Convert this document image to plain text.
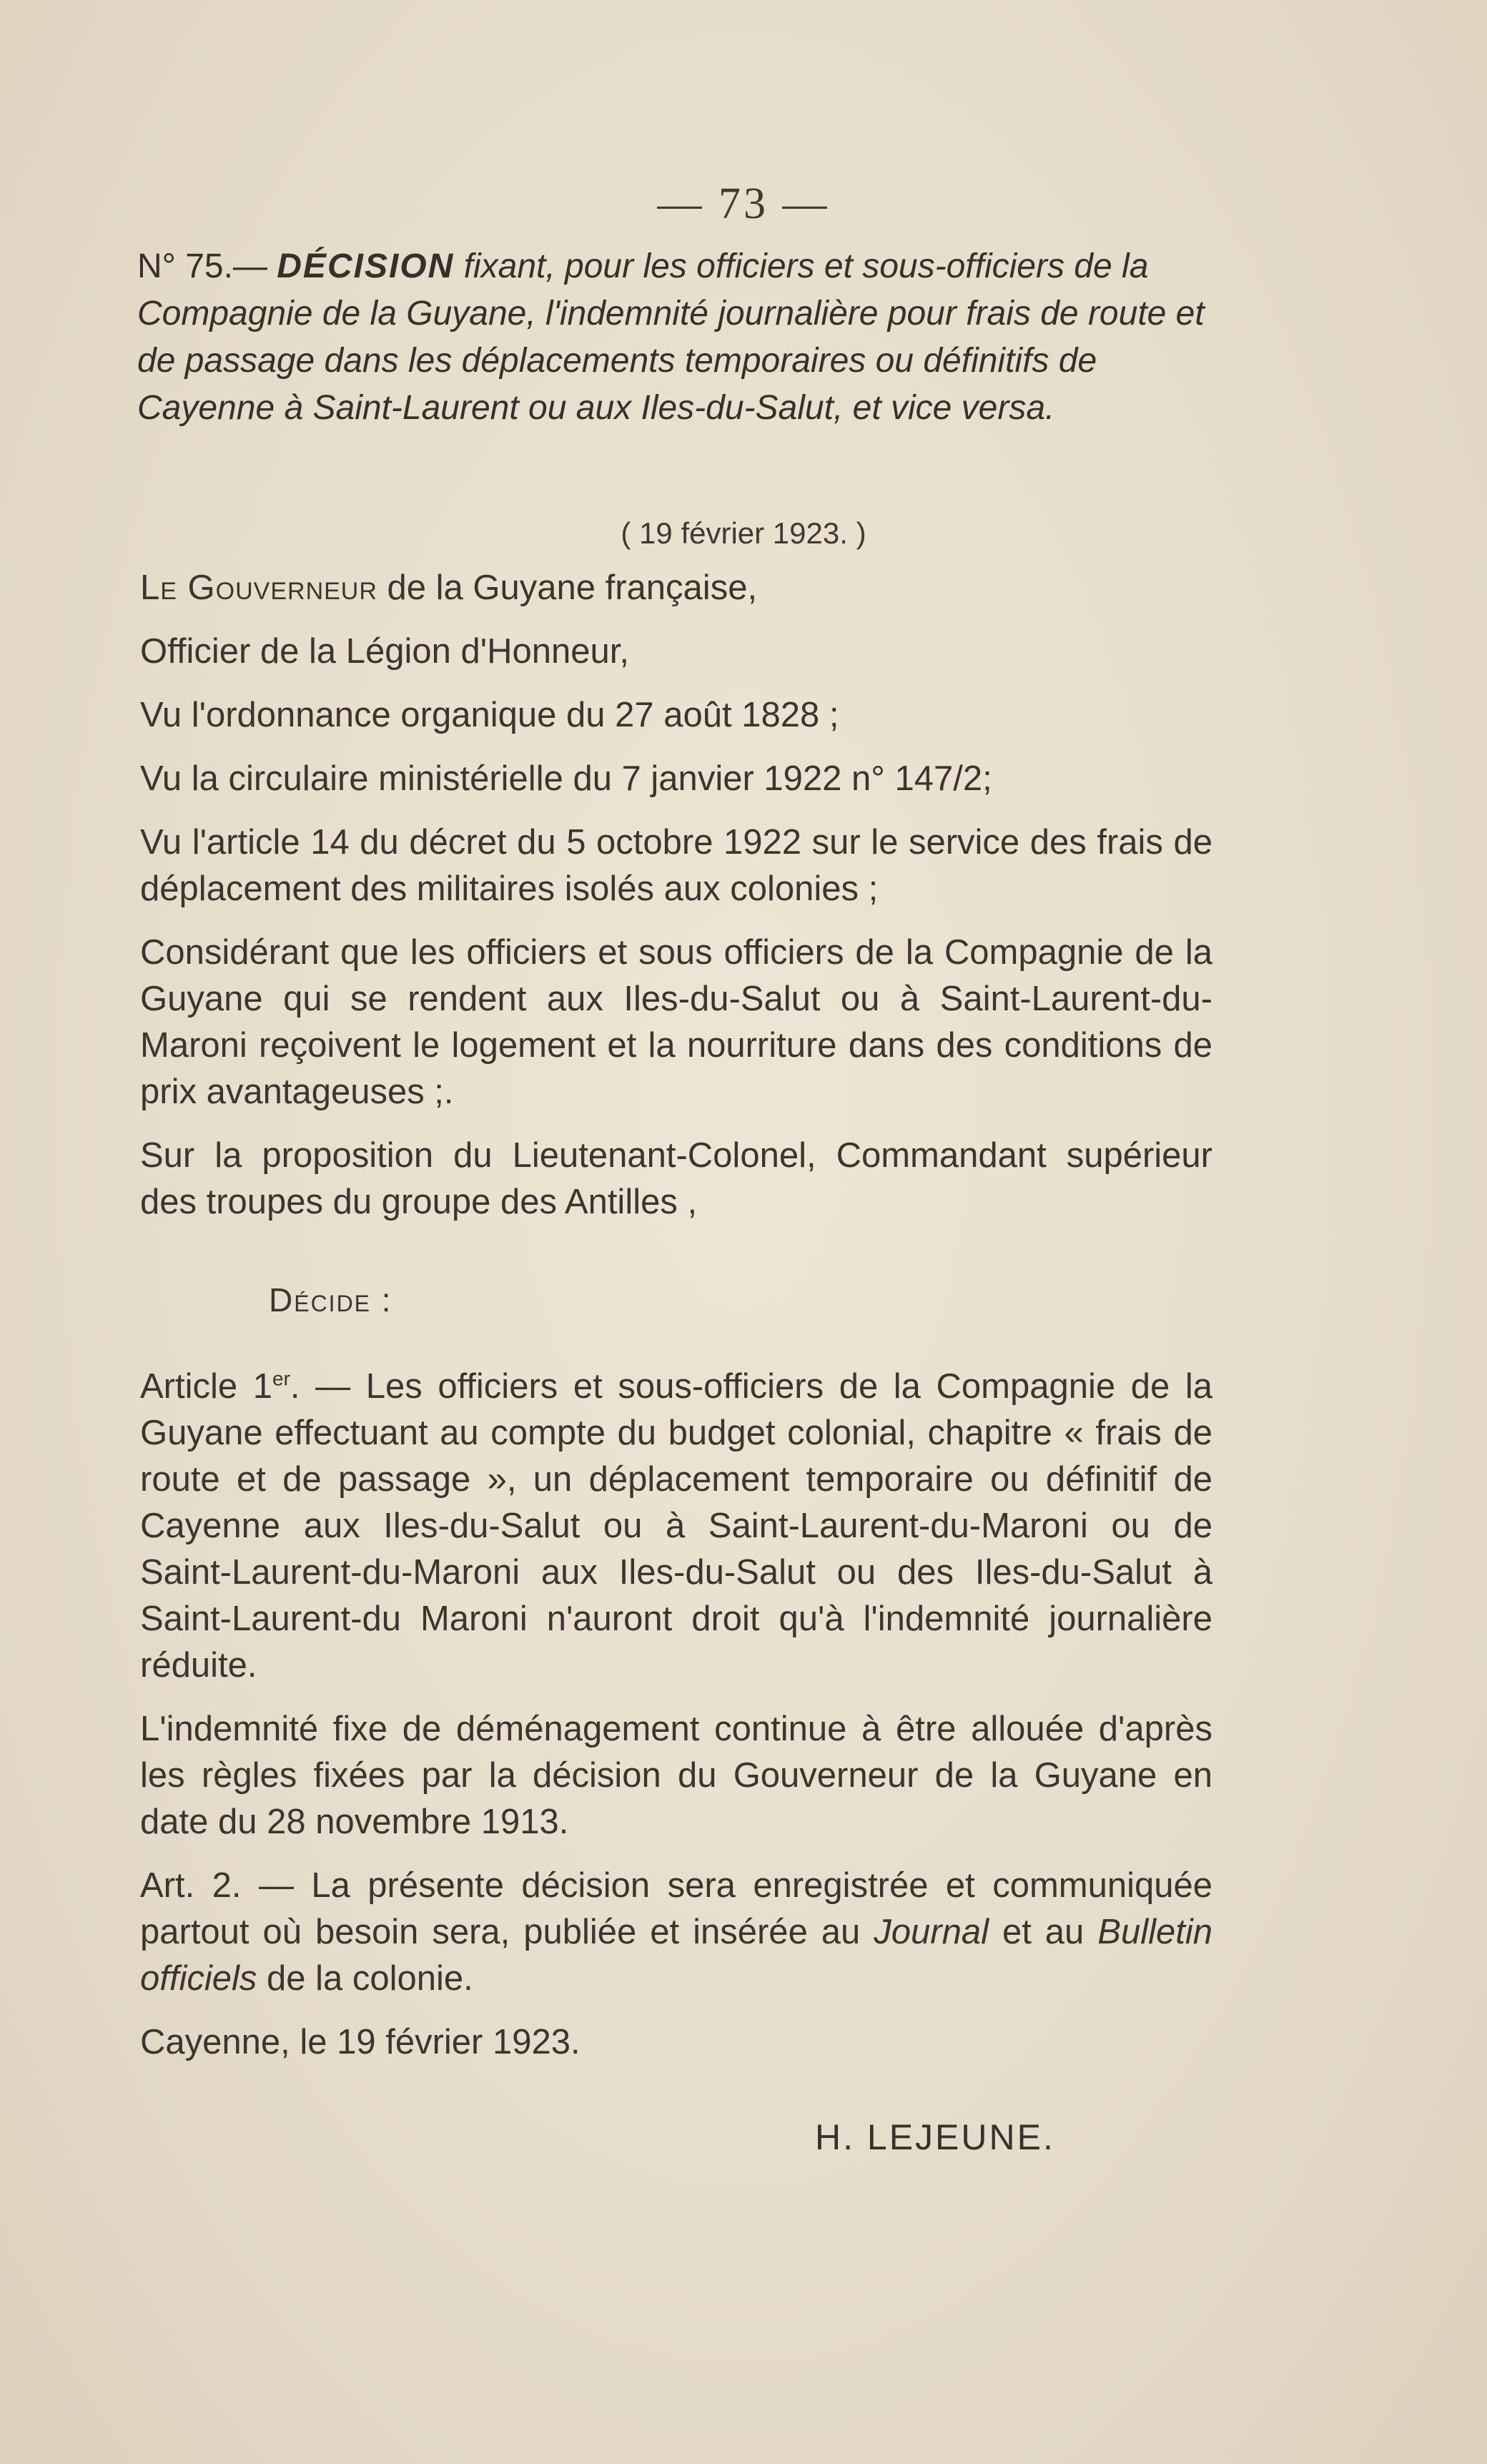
— 73 —
N° 75.— DÉCISION fixant, pour les officiers et sous-officiers de la Compagnie de la Guyane, l'indemnité journalière pour frais de route et de passage dans les déplacements temporaires ou définitifs de Cayenne à Saint-Laurent ou aux Iles-du-Salut, et vice versa.
( 19 février 1923. )

Le Gouverneur de la Guyane française,

Officier de la Légion d'Honneur,

Vu l'ordonnance organique du 27 août 1828 ;

Vu la circulaire ministérielle du 7 janvier 1922 n° 147/2;

Vu l'article 14 du décret du 5 octobre 1922 sur le service des frais de déplacement des militaires isolés aux colonies ;

Considérant que les officiers et sous officiers de la Compagnie de la Guyane qui se rendent aux Iles-du-Salut ou à Saint-Laurent-du-Maroni reçoivent le logement et la nourriture dans des conditions de prix avantageuses ;.

Sur la proposition du Lieutenant-Colonel, Commandant supérieur des troupes du groupe des Antilles ,

Décide :

Article 1er. — Les officiers et sous-officiers de la Compagnie de la Guyane effectuant au compte du budget colonial, chapitre « frais de route et de passage », un déplacement temporaire ou définitif de Cayenne aux Iles-du-Salut ou à Saint-Laurent-du-Maroni ou de Saint-Laurent-du-Maroni aux Iles-du-Salut ou des Iles-du-Salut à Saint-Laurent-du Maroni n'auront droit qu'à l'indemnité journalière réduite.

L'indemnité fixe de déménagement continue à être allouée d'après les règles fixées par la décision du Gouverneur de la Guyane en date du 28 novembre 1913.

Art. 2. — La présente décision sera enregistrée et communiquée partout où besoin sera, publiée et insérée au Journal et au Bulletin officiels de la colonie.

Cayenne, le 19 février 1923.

H. LEJEUNE.
